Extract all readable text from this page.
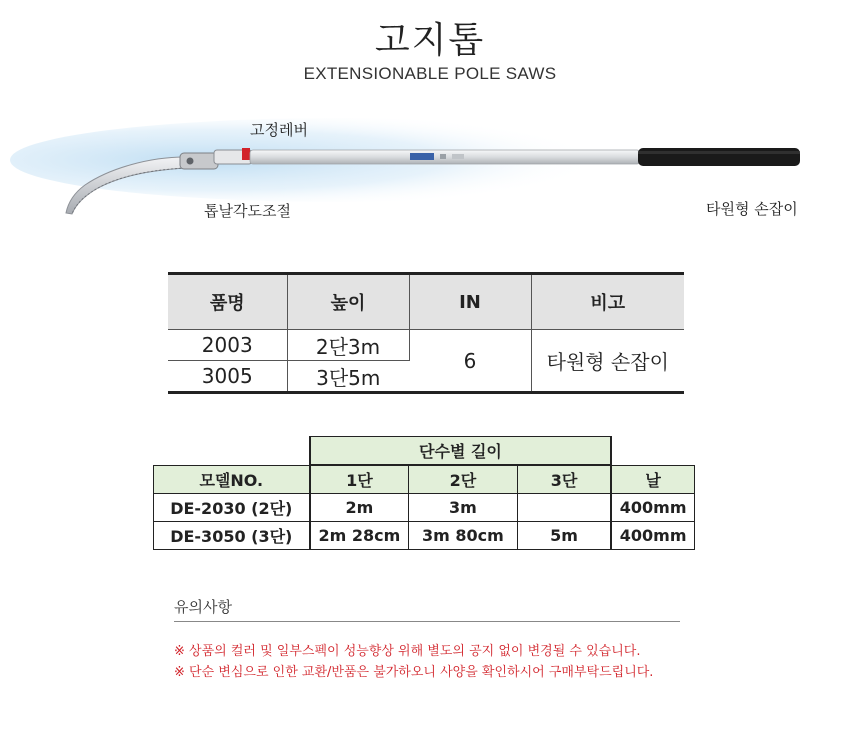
고지톱
EXTENSIONABLE POLE SAWS
고정레버
톱날각도조절	타원형 손잡이
품명	높이	IN	비고
2003	2단3m	6	타원형 손잡이
3005	3단5m		
	단수별 길이			
모델NO.	1단	2단	3단	날
DE-2030 (2단)	2m	3m		400mm
DE-3050 (3단)	2m 28cm	3m 80cm	5m	400mm
유의사항
※ 상품의 컬러 및 일부스펙이 성능향상 위해 별도의 공지 없이 변경될 수 있습니다.
※ 단순 변심으로 인한 교환/반품은 불가하오니 사양을 확인하시어 구매부탁드립니다.
